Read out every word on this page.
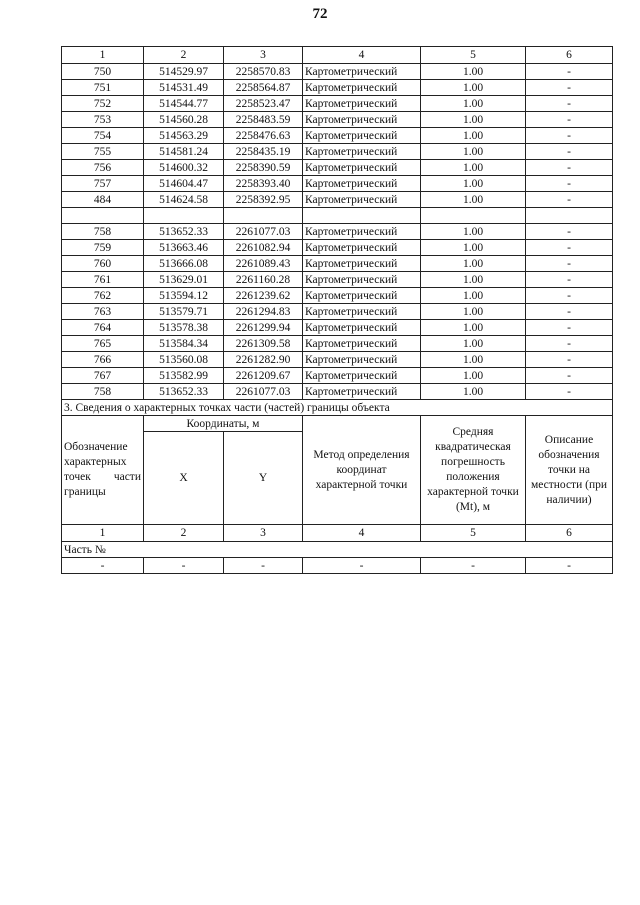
72
1	2	3	4	5	6
750	514529.97	2258570.83	Картометрический	1.00	-
751	514531.49	2258564.87	Картометрический	1.00	-
752	514544.77	2258523.47	Картометрический	1.00	-
753	514560.28	2258483.59	Картометрический	1.00	-
754	514563.29	2258476.63	Картометрический	1.00	-
755	514581.24	2258435.19	Картометрический	1.00	-
756	514600.32	2258390.59	Картометрический	1.00	-
757	514604.47	2258393.40	Картометрический	1.00	-
484	514624.58	2258392.95	Картометрический	1.00	-

758	513652.33	2261077.03	Картометрический	1.00	-
759	513663.46	2261082.94	Картометрический	1.00	-
760	513666.08	2261089.43	Картометрический	1.00	-
761	513629.01	2261160.28	Картометрический	1.00	-
762	513594.12	2261239.62	Картометрический	1.00	-
763	513579.71	2261294.83	Картометрический	1.00	-
764	513578.38	2261299.94	Картометрический	1.00	-
765	513584.34	2261309.58	Картометрический	1.00	-
766	513560.08	2261282.90	Картометрический	1.00	-
767	513582.99	2261209.67	Картометрический	1.00	-
758	513652.33	2261077.03	Картометрический	1.00	-
3. Сведения о характерных точках части (частей) границы объекта					
Обозначение характерных точек части границы	Координаты, м		Метод определения координат характерной точки	Средняя квадратическая погрешность положения характерной точки (Mt), м	Описание обозначения точки на местности (при наличии)
	X	Y			
1	2	3	4	5	6
Часть №					
-	-	-	-	-	-
